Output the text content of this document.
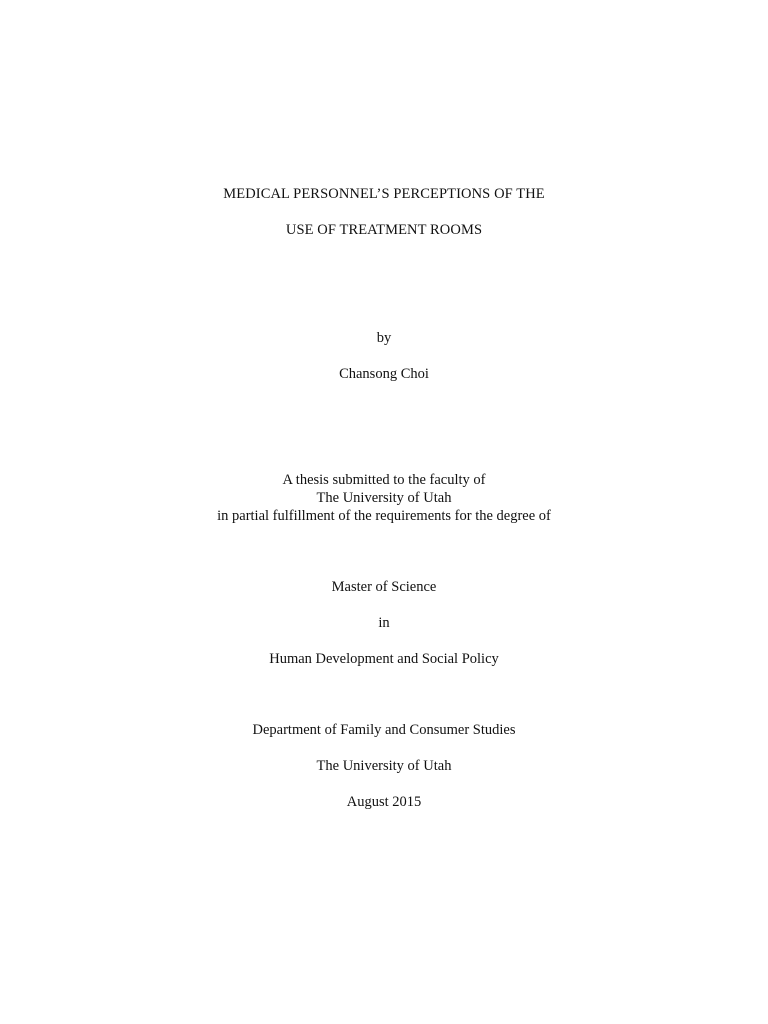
MEDICAL PERSONNEL’S PERCEPTIONS OF THE
USE OF TREATMENT ROOMS
by
Chansong Choi
A thesis submitted to the faculty of
The University of Utah
in partial fulfillment of the requirements for the degree of
Master of Science
in
Human Development and Social Policy
Department of Family and Consumer Studies
The University of Utah
August 2015
